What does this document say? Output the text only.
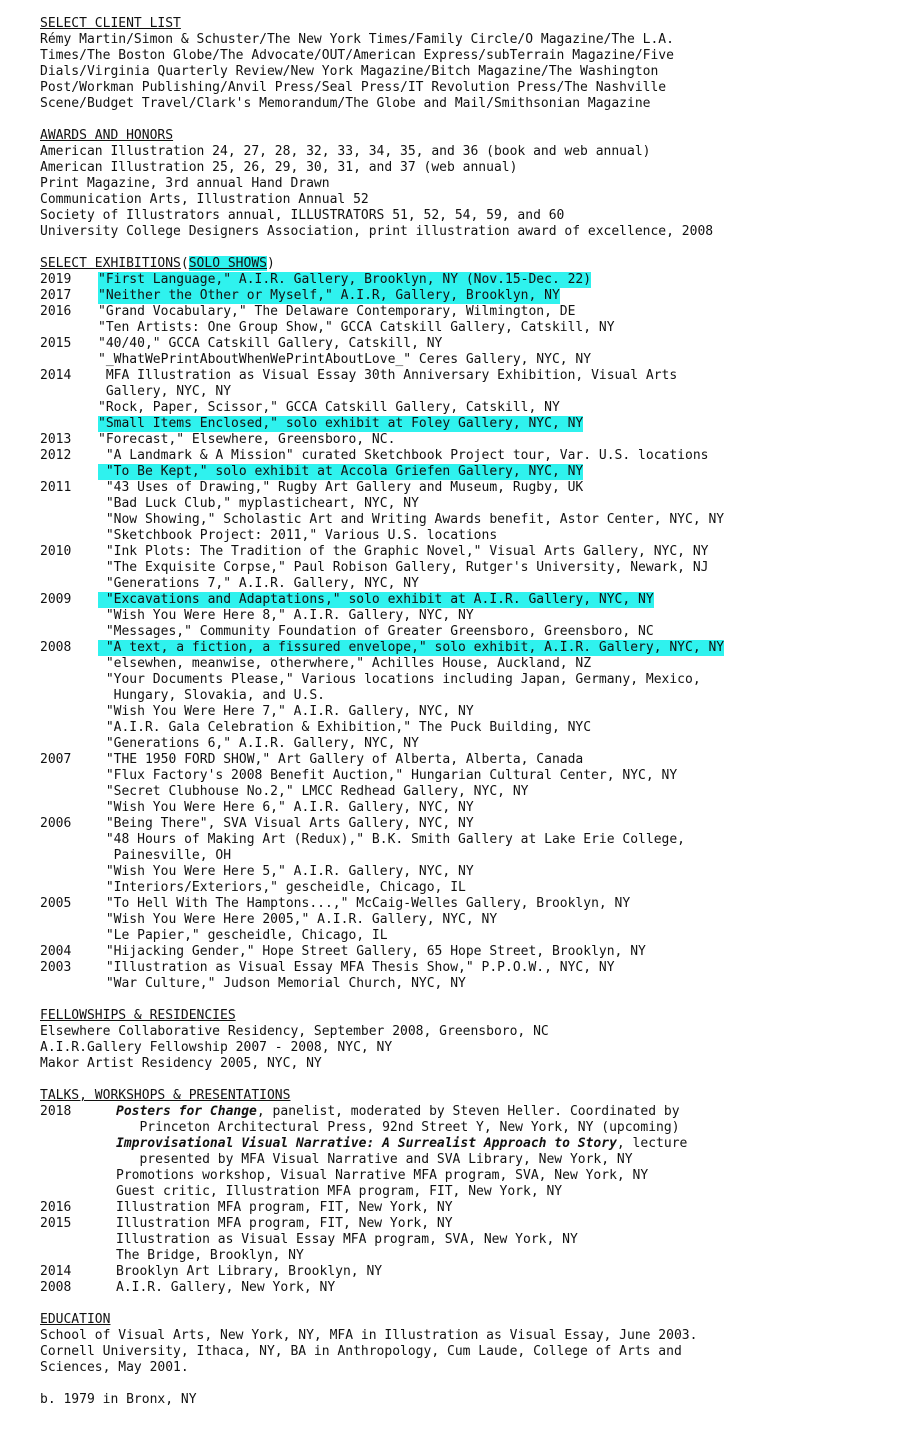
SELECT CLIENT LIST
Rémy Martin/Simon & Schuster/The New York Times/Family Circle/O Magazine/The L.A.
Times/The Boston Globe/The Advocate/OUT/American Express/subTerrain Magazine/Five
Dials/Virginia Quarterly Review/New York Magazine/Bitch Magazine/The Washington
Post/Workman Publishing/Anvil Press/Seal Press/IT Revolution Press/The Nashville
Scene/Budget Travel/Clark's Memorandum/The Globe and Mail/Smithsonian Magazine
AWARDS AND HONORS
American Illustration 24, 27, 28, 32, 33, 34, 35, and 36 (book and web annual)
American Illustration 25, 26, 29, 30, 31, and 37 (web annual)
Print Magazine, 3rd annual Hand Drawn
Communication Arts, Illustration Annual 52
Society of Illustrators annual, ILLUSTRATORS 51, 52, 54, 59, and 60
University College Designers Association, print illustration award of excellence, 2008
SELECT EXHIBITIONS(SOLO SHOWS)
2019	"First Language," A.I.R. Gallery, Brooklyn, NY (Nov.15-Dec. 22)
2017	"Neither the Other or Myself," A.I.R, Gallery, Brooklyn, NY
2016	"Grand Vocabulary," The Delaware Contemporary, Wilmington, DE
"Ten Artists: One Group Show," GCCA Catskill Gallery, Catskill, NY
2015	"40/40," GCCA Catskill Gallery, Catskill, NY
"_WhatWePrintAboutWhenWePrintAboutLove_" Ceres Gallery, NYC, NY
2014	MFA Illustration as Visual Essay 30th Anniversary Exhibition, Visual Arts
Gallery, NYC, NY
"Rock, Paper, Scissor," GCCA Catskill Gallery, Catskill, NY
"Small Items Enclosed," solo exhibit at Foley Gallery, NYC, NY
2013	"Forecast," Elsewhere, Greensboro, NC.
2012	"A Landmark & A Mission" curated Sketchbook Project tour, Var. U.S. locations
"To Be Kept," solo exhibit at Accola Griefen Gallery, NYC, NY
2011	"43 Uses of Drawing," Rugby Art Gallery and Museum, Rugby, UK
"Bad Luck Club," myplasticheart, NYC, NY
"Now Showing," Scholastic Art and Writing Awards benefit, Astor Center, NYC, NY
"Sketchbook Project: 2011," Various U.S. locations
2010	"Ink Plots: The Tradition of the Graphic Novel," Visual Arts Gallery, NYC, NY
"The Exquisite Corpse," Paul Robison Gallery, Rutger's University, Newark, NJ
"Generations 7," A.I.R. Gallery, NYC, NY
2009	"Excavations and Adaptations," solo exhibit at A.I.R. Gallery, NYC, NY
"Wish You Were Here 8," A.I.R. Gallery, NYC, NY
"Messages," Community Foundation of Greater Greensboro, Greensboro, NC
2008	"A text, a fiction, a fissured envelope," solo exhibit, A.I.R. Gallery, NYC, NY
"elsewhen, meanwise, otherwhere," Achilles House, Auckland, NZ
"Your Documents Please," Various locations including Japan, Germany, Mexico,
Hungary, Slovakia, and U.S.
"Wish You Were Here 7," A.I.R. Gallery, NYC, NY
"A.I.R. Gala Celebration & Exhibition," The Puck Building, NYC
"Generations 6," A.I.R. Gallery, NYC, NY
2007	"THE 1950 FORD SHOW," Art Gallery of Alberta, Alberta, Canada
"Flux Factory's 2008 Benefit Auction," Hungarian Cultural Center, NYC, NY
"Secret Clubhouse No.2," LMCC Redhead Gallery, NYC, NY
"Wish You Were Here 6," A.I.R. Gallery, NYC, NY
2006	"Being There", SVA Visual Arts Gallery, NYC, NY
"48 Hours of Making Art (Redux)," B.K. Smith Gallery at Lake Erie College,
Painesville, OH
"Wish You Were Here 5," A.I.R. Gallery, NYC, NY
"Interiors/Exteriors," gescheidle, Chicago, IL
2005	"To Hell With The Hamptons...," McCaig-Welles Gallery, Brooklyn, NY
"Wish You Were Here 2005," A.I.R. Gallery, NYC, NY
"Le Papier," gescheidle, Chicago, IL
2004	"Hijacking Gender," Hope Street Gallery, 65 Hope Street, Brooklyn, NY
2003	"Illustration as Visual Essay MFA Thesis Show," P.P.O.W., NYC, NY
"War Culture," Judson Memorial Church, NYC, NY
FELLOWSHIPS & RESIDENCIES
Elsewhere Collaborative Residency, September 2008, Greensboro, NC
A.I.R.Gallery Fellowship 2007 - 2008, NYC, NY
Makor Artist Residency 2005, NYC, NY
TALKS, WORKSHOPS & PRESENTATIONS
2018	Posters for Change, panelist, moderated by Steven Heller. Coordinated by
Princeton Architectural Press, 92nd Street Y, New York, NY (upcoming)
Improvisational Visual Narrative: A Surrealist Approach to Story, lecture
presented by MFA Visual Narrative and SVA Library, New York, NY
Promotions workshop, Visual Narrative MFA program, SVA, New York, NY
Guest critic, Illustration MFA program, FIT, New York, NY
2016	Illustration MFA program, FIT, New York, NY
2015	Illustration MFA program, FIT, New York, NY
Illustration as Visual Essay MFA program, SVA, New York, NY
The Bridge, Brooklyn, NY
2014	Brooklyn Art Library, Brooklyn, NY
2008	A.I.R. Gallery, New York, NY
EDUCATION
School of Visual Arts, New York, NY, MFA in Illustration as Visual Essay, June 2003.
Cornell University, Ithaca, NY, BA in Anthropology, Cum Laude, College of Arts and
Sciences, May 2001.
b. 1979 in Bronx, NY
